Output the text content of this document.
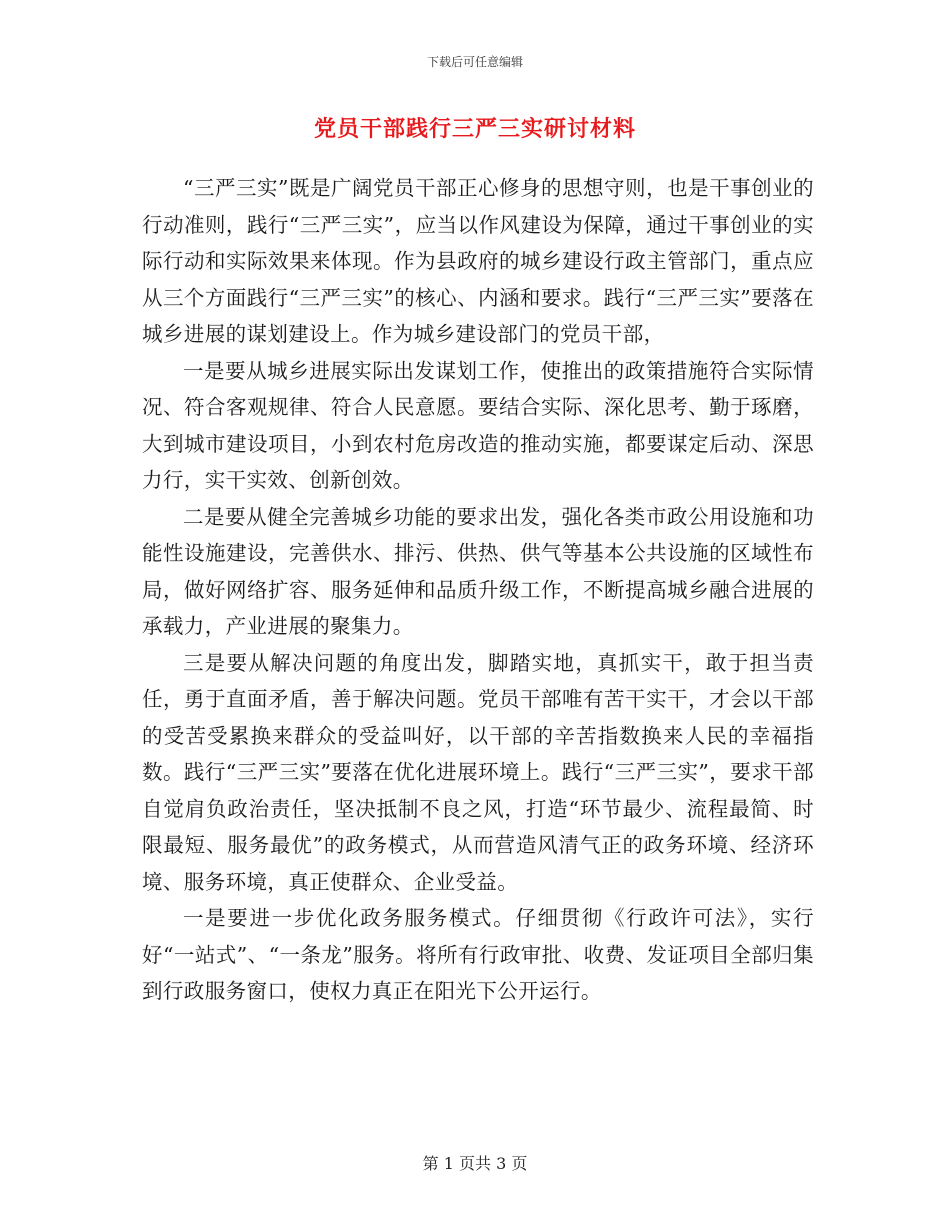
下载后可任意编辑
党员干部践行三严三实研讨材料

“三严三实”既是广阔党员干部正心修身的思想守则，也是干事创业的行动准则，践行“三严三实”，应当以作风建设为保障，通过干事创业的实际行动和实际效果来体现。作为县政府的城乡建设行政主管部门，重点应从三个方面践行“三严三实”的核心、内涵和要求。践行“三严三实”要落在城乡进展的谋划建设上。作为城乡建设部门的党员干部，

一是要从城乡进展实际出发谋划工作，使推出的政策措施符合实际情况、符合客观规律、符合人民意愿。要结合实际、深化思考、勤于琢磨，大到城市建设项目，小到农村危房改造的推动实施，都要谋定后动、深思力行，实干实效、创新创效。

二是要从健全完善城乡功能的要求出发，强化各类市政公用设施和功能性设施建设，完善供水、排污、供热、供气等基本公共设施的区域性布局，做好网络扩容、服务延伸和品质升级工作，不断提高城乡融合进展的承载力，产业进展的聚集力。

三是要从解决问题的角度出发，脚踏实地，真抓实干，敢于担当责任，勇于直面矛盾，善于解决问题。党员干部唯有苦干实干，才会以干部的受苦受累换来群众的受益叫好，以干部的辛苦指数换来人民的幸福指数。践行“三严三实”要落在优化进展环境上。践行“三严三实”，要求干部自觉肩负政治责任，坚决抵制不良之风，打造“环节最少、流程最简、时限最短、服务最优”的政务模式，从而营造风清气正的政务环境、经济环境、服务环境，真正使群众、企业受益。

一是要进一步优化政务服务模式。仔细贯彻《行政许可法》，实行好“一站式”、“一条龙”服务。将所有行政审批、收费、发证项目全部归集到行政服务窗口，使权力真正在阳光下公开运行。

第 1 页共 3 页
